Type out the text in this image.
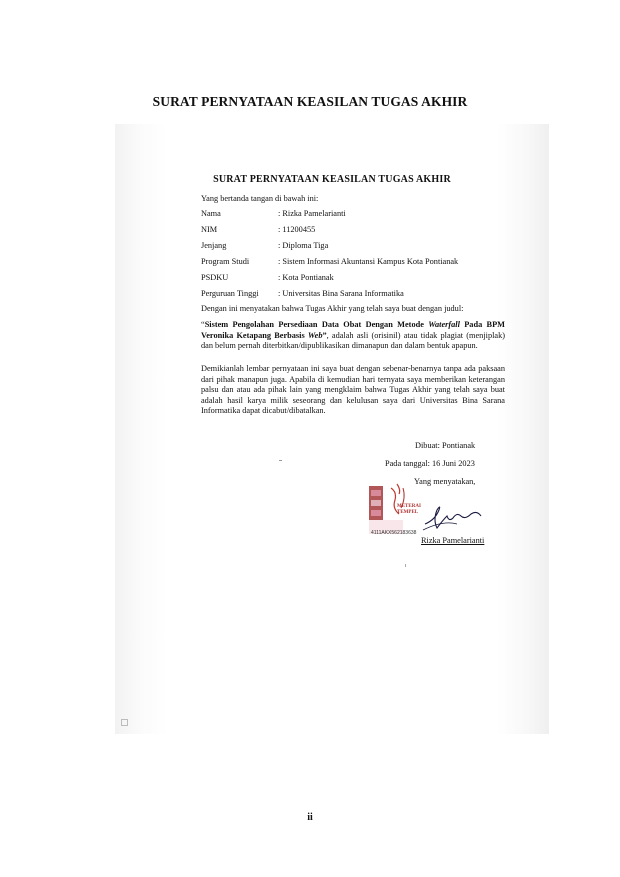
SURAT PERNYATAAN KEASILAN TUGAS AKHIR
SURAT PERNYATAAN KEASILAN TUGAS AKHIR
Yang bertanda tangan di bawah ini:
Nama	: Rizka Pamelarianti
NIM	: 11200455
Jenjang	: Diploma Tiga
Program Studi	: Sistem Informasi Akuntansi Kampus Kota Pontianak
PSDKU	: Kota Pontianak
Perguruan Tinggi : Universitas Bina Sarana Informatika
Dengan ini menyatakan bahwa Tugas Akhir yang telah saya buat dengan judul:
“Sistem Pengolahan Persediaan Data Obat Dengan Metode Waterfall Pada BPM Veronika Ketapang Berbasis Web”, adalah asli (orisinil) atau tidak plagiat (menjiplak) dan belum pernah diterbitkan/dipublikasikan dimanapun dan dalam bentuk apapun.
Demikianlah lembar pernyataan ini saya buat dengan sebenar-benarnya tanpa ada paksaan dari pihak manapun juga. Apabila di kemudian hari ternyata saya memberikan keterangan palsu dan atau ada pihak lain yang mengklaim bahwa Tugas Akhir yang telah saya buat adalah hasil karya milik seseorang dan kelulusan saya dari Universitas Bina Sarana Informatika dapat dicabut/dibatalkan.
Dibuat: Pontianak
Pada tanggal: 16 Juni 2023
Yang menyatakan,
METERAI
TEMPEL
4111AKX562183638
Rizka Pamelarianti
ii
